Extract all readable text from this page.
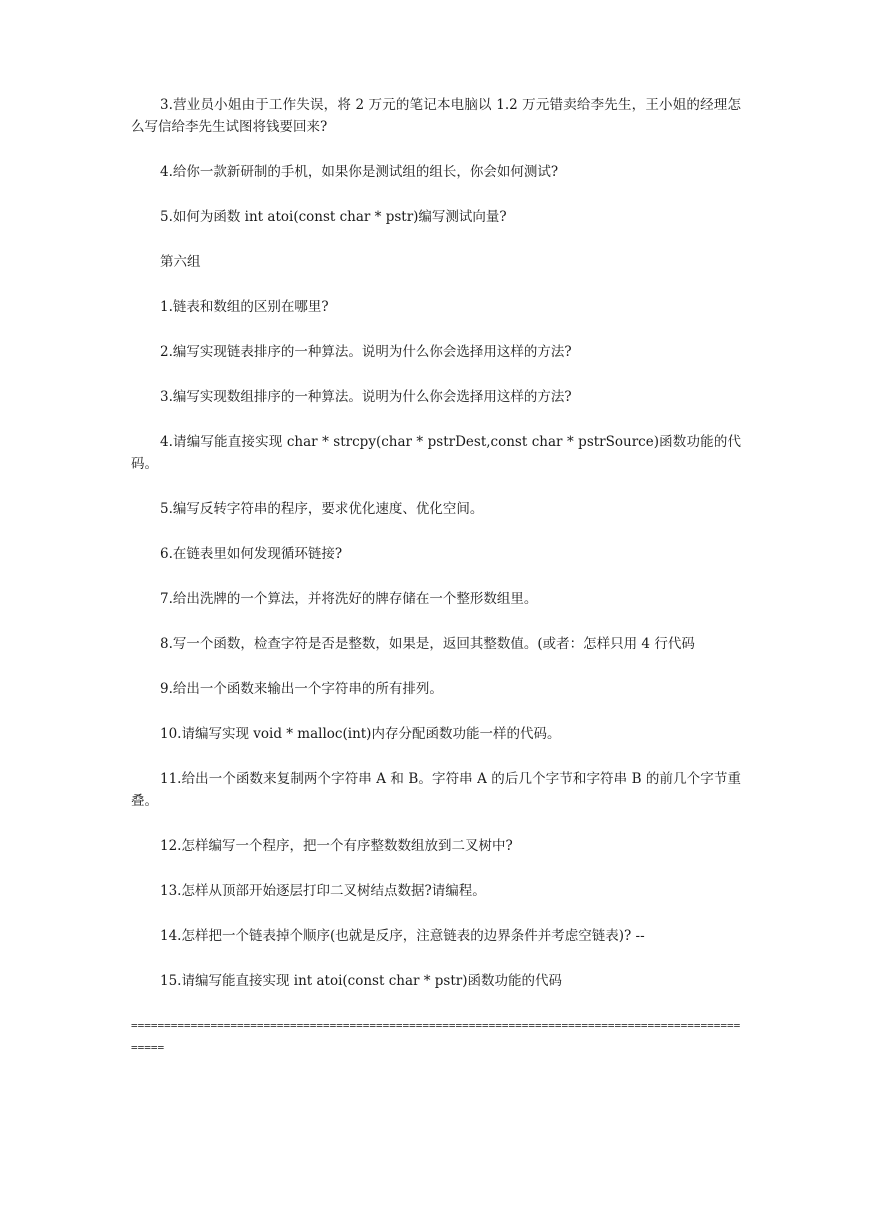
3.营业员小姐由于工作失误，将 2 万元的笔记本电脑以 1.2 万元错卖给李先生，王小姐的经理怎么写信给李先生试图将钱要回来?

4.给你一款新研制的手机，如果你是测试组的组长，你会如何测试?

5.如何为函数 int atoi(const char * pstr)编写测试向量?

第六组

1.链表和数组的区别在哪里?

2.编写实现链表排序的一种算法。说明为什么你会选择用这样的方法?

3.编写实现数组排序的一种算法。说明为什么你会选择用这样的方法?

4.请编写能直接实现 char * strcpy(char * pstrDest,const char * pstrSource)函数功能的代码。

5.编写反转字符串的程序，要求优化速度、优化空间。

6.在链表里如何发现循环链接?

7.给出洗牌的一个算法，并将洗好的牌存储在一个整形数组里。

8.写一个函数，检查字符是否是整数，如果是，返回其整数值。(或者：怎样只用 4 行代码

9.给出一个函数来输出一个字符串的所有排列。

10.请编写实现 void * malloc(int)内存分配函数功能一样的代码。

11.给出一个函数来复制两个字符串 A 和 B。字符串 A 的后几个字节和字符串 B 的前几个字节重叠。

12.怎样编写一个程序，把一个有序整数数组放到二叉树中?

13.怎样从顶部开始逐层打印二叉树结点数据?请编程。

14.怎样把一个链表掉个顺序(也就是反序，注意链表的边界条件并考虑空链表)? --

15.请编写能直接实现 int atoi(const char * pstr)函数功能的代码

=================================================================================================
